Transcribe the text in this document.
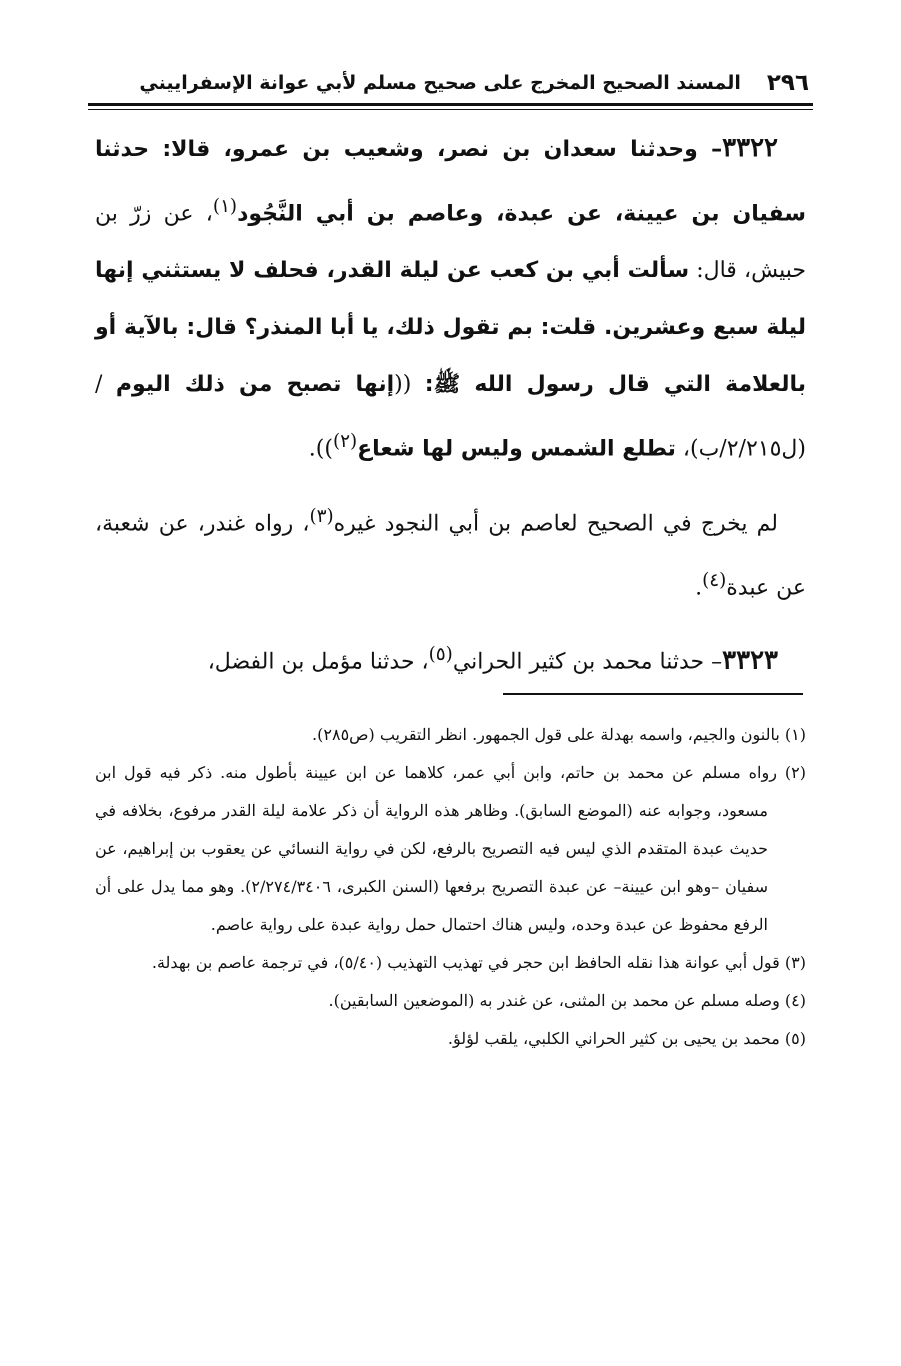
٢٩٦
المسند الصحيح المخرج على صحيح مسلم لأبي عوانة الإسفراييني

٣٣٢٢– وحدثنا سعدان بن نصر، وشعيب بن عمرو، قالا: حدثنا سفيان بن عيينة، عن عبدة، وعاصم بن أبي النَّجُود$^{(١)}$، عن زرّ بن حبيش، قال: سألت أبي بن كعب عن ليلة القدر، فحلف لا يستثني إنها ليلة سبع وعشرين. قلت: بم تقول ذلك، يا أبا المنذر؟ قال: بالآية أو بالعلامة التي قال رسول الله ﷺ: ((إنها تصبح من ذلك اليوم / (ل٢/٢١٥/ب)، تطلع الشمس وليس لها شعاع$^{(٢)}$)).

لم يخرج في الصحيح لعاصم بن أبي النجود غيره$^{(٣)}$، رواه غندر، عن شعبة، عن عبدة$^{(٤)}$.

٣٣٢٣– حدثنا محمد بن كثير الحراني$^{(٥)}$، حدثنا مؤمل بن الفضل،

(١) بالنون والجيم، واسمه بهدلة على قول الجمهور. انظر التقريب (ص٢٨٥).

(٢) رواه مسلم عن محمد بن حاتم، وابن أبي عمر، كلاهما عن ابن عيينة بأطول منه. ذكر فيه قول ابن مسعود، وجوابه عنه (الموضع السابق). وظاهر هذه الرواية أن ذكر علامة ليلة القدر مرفوع، بخلافه في حديث عبدة المتقدم الذي ليس فيه التصريح بالرفع، لكن في رواية النسائي عن يعقوب بن إبراهيم، عن سفيان –وهو ابن عيينة– عن عبدة التصريح برفعها (السنن الكبرى، ٢/٢٧٤/٣٤٠٦). وهو مما يدل على أن الرفع محفوظ عن عبدة وحده، وليس هناك احتمال حمل رواية عبدة على رواية عاصم.

(٣) قول أبي عوانة هذا نقله الحافظ ابن حجر في تهذيب التهذيب (٥/٤٠)، في ترجمة عاصم بن بهدلة.

(٤) وصله مسلم عن محمد بن المثنى، عن غندر به (الموضعين السابقين).

(٥) محمد بن يحيى بن كثير الحراني الكلبي، يلقب لؤلؤ.
